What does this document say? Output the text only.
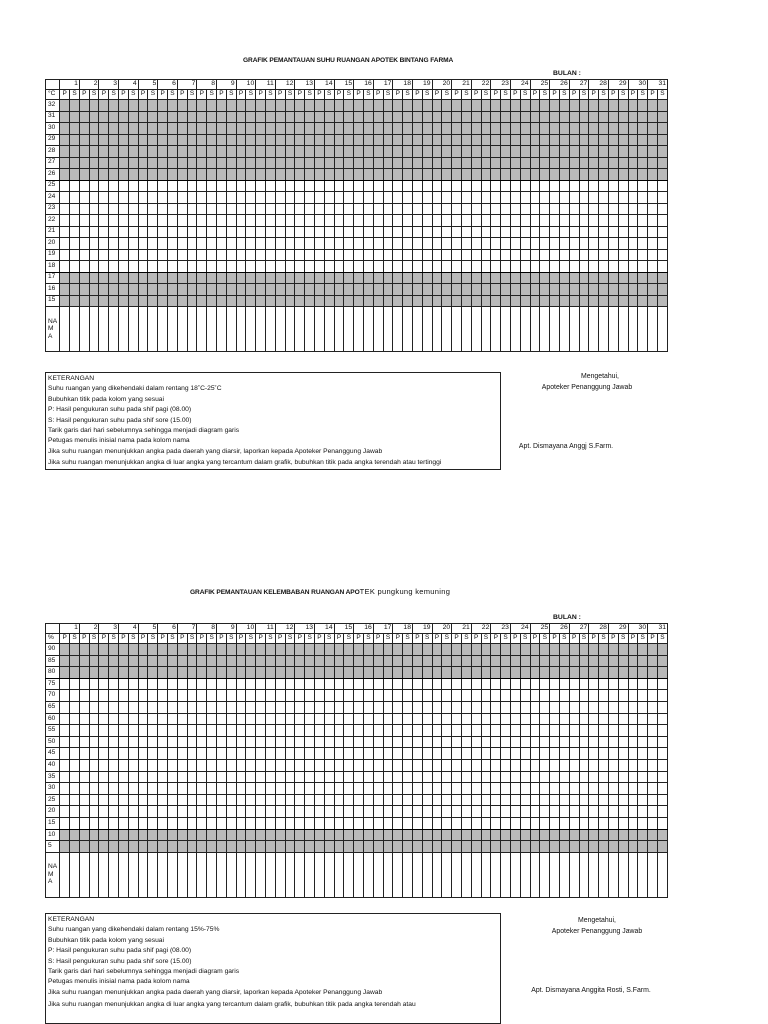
GRAFIK PEMANTAUAN SUHU RUANGAN APOTEK BINTANG FARMA
BULAN :
	1		2		3		4		5		6		7		8		9		10		11		12		13		14		15		16		17		18		19		20		21		22		23		24		25		26		27		28		29		30		31	
°C	P	S	P	S	P	S	P	S	P	S	P	S	P	S	P	S	P	S	P	S	P	S	P	S	P	S	P	S	P	S	P	S	P	S	P	S	P	S	P	S	P	S	P	S	P	S	P	S	P	S	P	S	P	S	P	S	P	S	P	S	P	S
32																																																														
31																																																														
30																																																														
29																																																														
28																																																														
27																																																														
26																																																														
25																																																														
24																																																														
23																																																														
22																																																														
21																																																														
20																																																														
19																																																														
18																																																														
17																																																														
16																																																														
15																																																														
NA
M
A																																																														
KETERANGAN
Suhu ruangan yang dikehendaki dalam rentang 18˚C-25˚C
Bubuhkan titik pada kolom yang sesuai
P: Hasil pengukuran suhu pada shif pagi (08.00)
S: Hasil pengukuran suhu pada shif sore (15.00)
Tarik garis dari hari sebelumnya sehingga menjadi diagram garis
Petugas menulis inisial nama pada kolom nama
Jika suhu ruangan menunjukkan angka pada daerah yang diarsir, laporkan kepada Apoteker Penanggung Jawab
Jika suhu ruangan menunjukkan angka di luar angka yang tercantum dalam grafik, bubuhkan titik pada angka terendah atau tertinggi
Mengetahui,
Apoteker Penanggung Jawab
Apt. Dismayana Anggj S.Farm.
GRAFIK PEMANTAUAN KELEMBABAN RUANGAN APOTEK pungkung kemuning
BULAN :
	1		2		3		4		5		6		7		8		9		10		11		12		13		14		15		16		17		18		19		20		21		22		23		24		25		26		27		28		29		30		31	
%	P	S	P	S	P	S	P	S	P	S	P	S	P	S	P	S	P	S	P	S	P	S	P	S	P	S	P	S	P	S	P	S	P	S	P	S	P	S	P	S	P	S	P	S	P	S	P	S	P	S	P	S	P	S	P	S	P	S	P	S	P	S
90																																																														
85																																																														
80																																																														
75																																																														
70																																																														
65																																																														
60																																																														
55																																																														
50																																																														
45																																																														
40																																																														
35																																																														
30																																																														
25																																																														
20																																																														
15																																																														
10																																																														
5																																																														
NA
M
A																																																														
KETERANGAN
Suhu ruangan yang dikehendaki dalam rentang 15%-75%
Bubuhkan titik pada kolom yang sesuai
P: Hasil pengukuran suhu pada shif pagi (08.00)
S: Hasil pengukuran suhu pada shif sore (15.00)
Tarik garis dari hari sebelumnya sehingga menjadi diagram garis
Petugas menulis inisial nama pada kolom nama
Jika suhu ruangan menunjukkan angka pada daerah yang diarsir, laporkan kepada Apoteker Penanggung Jawab
Jika suhu ruangan menunjukkan angka di luar angka yang tercantum dalam grafik, bubuhkan titik pada angka terendah atau
Mengetahui,
Apoteker Penanggung Jawab
Apt. Dismayana Anggita Rosti, S.Farm.
